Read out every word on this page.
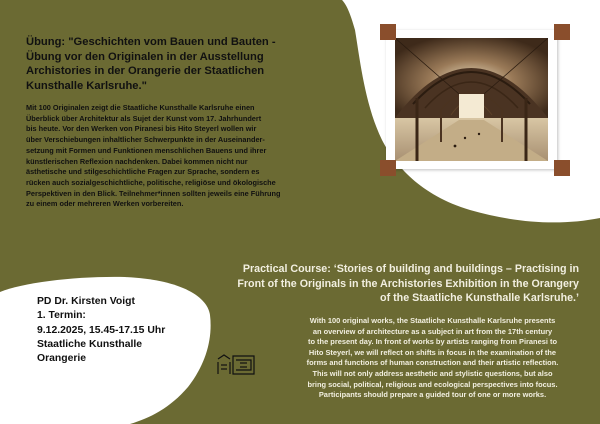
Übung: "Geschichten vom Bauen und Bauten - Übung vor den Originalen in der Ausstellung Archistories in der Orangerie der Staatlichen Kunsthalle Karlsruhe."

Mit 100 Originalen zeigt die Staatliche Kunsthalle Karlsruhe einen
Überblick über Architektur als Sujet der Kunst vom 17. Jahrhundert
bis heute. Vor den Werken von Piranesi bis Hito Steyerl wollen wir
über Verschiebungen inhaltlicher Schwerpunkte in der Auseinander-
setzung mit Formen und Funktionen menschlichen Bauens und ihrer
künstlerischen Reflexion nachdenken. Dabei kommen nicht nur
ästhetische und stilgeschichtliche Fragen zur Sprache, sondern es
rücken auch sozialgeschichtliche, politische, religiöse und ökologische
Perspektiven in den Blick. Teilnehmer*innen sollten jeweils eine Führung
zu einem oder mehreren Werken vorbereiten.

Practical Course: ‘Stories of building and buildings – Practising in Front of the Originals in the Archistories Exhibition in the Orangery of the Staatliche Kunsthalle Karlsruhe.’

With 100 original works, the Staatliche Kunsthalle Karlsruhe presents
an overview of architecture as a subject in art from the 17th century
to the present day. In front of works by artists ranging from Piranesi to
Hito Steyerl, we will reflect on shifts in focus in the examination of the
forms and functions of human construction and their artistic reflection.
This will not only address aesthetic and stylistic questions, but also
bring social, political, religious and ecological perspectives into focus.
Participants should prepare a guided tour of one or more works.

PD Dr. Kirsten Voigt
1. Termin:
9.12.2025, 15.45-17.15 Uhr
Staatliche Kunsthalle
Orangerie
